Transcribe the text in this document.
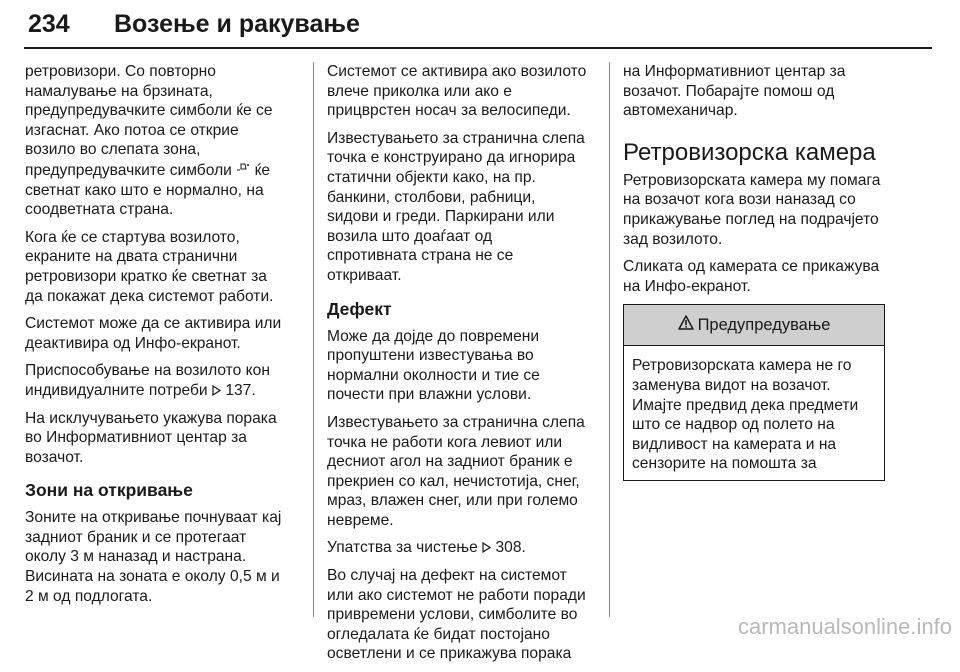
234 Возење и ракување
ретровизори. Со повторно
намалување на брзината,
предупредувачките симболи ќе се
изгаснат. Ако потоа се открие
возило во слепата зона,
предупредувачките симболи ќе
светнат како што е нормално, на
соодветната страна.
Кога ќе се стартува возилото,
екраните на двата странични
ретровизори кратко ќе светнат за
да покажат дека системот работи.
Системот може да се активира или
деактивира од Инфо-екранот.
Приспособување на возилото кон
индивидуалните потреби 137.
На исклучувањето укажува порака
во Информативниот центар за
возачот.
Зони на откривање
Зоните на откривање почнуваат кај
задниот браник и се протегаат
околу 3 м наназад и настрана.
Висината на зоната е околу 0,5 м и
2 м од подлогата.
Системот се активира ако возилото
влече приколка или ако е
прицврстен носач за велосипеди.
Известувањето за странична слепа
точка е конструирано да игнорира
статични објекти како, на пр.
банкини, столбови, рабници,
ѕидови и греди. Паркирани или
возила што доаѓаат од
спротивната страна не се
откриваат.
Дефект
Може да дојде до повремени
пропуштени известувања во
нормални околности и тие се
почести при влажни услови.
Известувањето за странична слепа
точка не работи кога левиот или
десниот агол на задниот браник е
прекриен со кал, нечистотија, снег,
мраз, влажен снег, или при големо
невреме.
Упатства за чистење 308.
Во случај на дефект на системот
или ако системот не работи поради
привремени услови, симболите во
огледалата ќе бидат постојано
осветлени и се прикажува порака
на Информативниот центар за
возачот. Побарајте помош од
автомеханичар.
Ретровизорска камера
Ретровизорската камера му помага
на возачот кога вози наназад со
прикажување поглед на подрачјето
зад возилото.
Сликата од камерата се прикажува
на Инфо-екранот.
Предупредување
Ретровизорската камера не го
заменува видот на возачот.
Имајте предвид дека предмети
што се надвор од полето на
видливост на камерата и на
сензорите на помошта за
carmanualsonline.info
